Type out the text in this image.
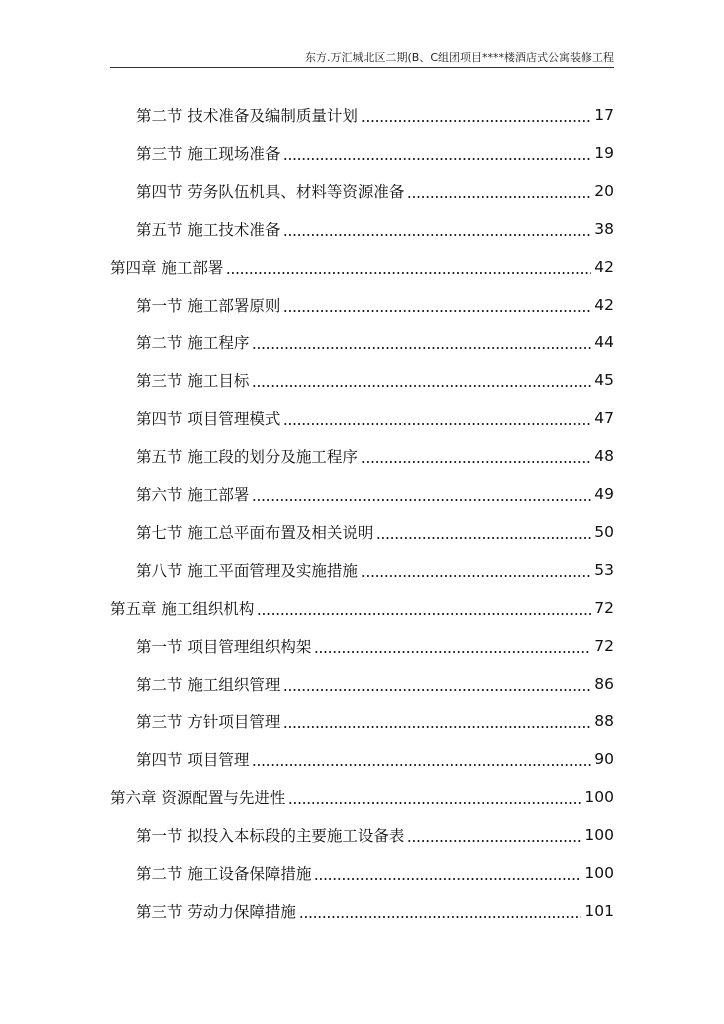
东方.万汇城北区二期(B、C组团项目****楼酒店式公寓装修工程
第二节 技术准备及编制质量计划	17
第三节 施工现场准备	19
第四节 劳务队伍机具、材料等资源准备	20
第五节 施工技术准备	38
第四章 施工部署	42
第一节 施工部署原则	42
第二节 施工程序	44
第三节 施工目标	45
第四节 项目管理模式	47
第五节 施工段的划分及施工程序	48
第六节 施工部署	49
第七节 施工总平面布置及相关说明	50
第八节 施工平面管理及实施措施	53
第五章 施工组织机构	72
第一节 项目管理组织构架	72
第二节 施工组织管理	86
第三节 方针项目管理	88
第四节 项目管理	90
第六章 资源配置与先进性	100
第一节 拟投入本标段的主要施工设备表	100
第二节 施工设备保障措施	100
第三节 劳动力保障措施	101
